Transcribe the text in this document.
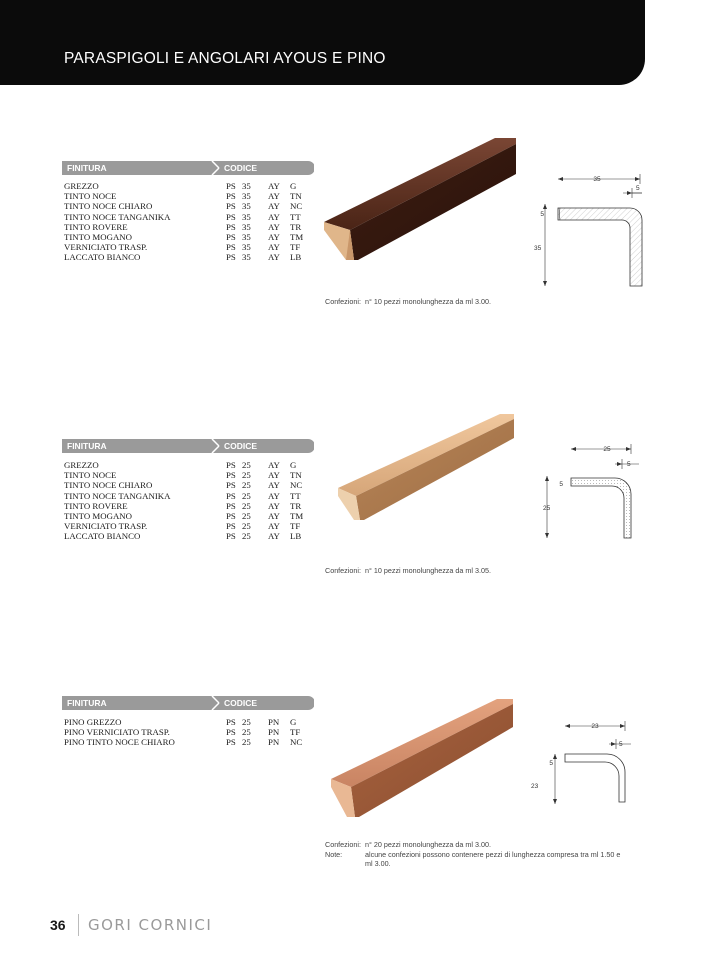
PARASPIGOLI E ANGOLARI AYOUS E PINO
FINITURA	CODICE
GREZZO	PS 35 AY G
TINTO NOCE	PS 35 AY TN
TINTO NOCE CHIARO	PS 35 AY NC
TINTO NOCE TANGANIKA	PS 35 AY TT
TINTO ROVERE	PS 35 AY TR
TINTO MOGANO	PS 35 AY TM
VERNICIATO TRASP.	PS 35 AY TF
LACCATO BIANCO	PS 35 AY LB
35
5
5
35
Confezioni: n° 10 pezzi monolunghezza da ml 3.00.
FINITURA	CODICE
GREZZO	PS 25 AY G
TINTO NOCE	PS 25 AY TN
TINTO NOCE CHIARO	PS 25 AY NC
TINTO NOCE TANGANIKA	PS 25 AY TT
TINTO ROVERE	PS 25 AY TR
TINTO MOGANO	PS 25 AY TM
VERNICIATO TRASP.	PS 25 AY TF
LACCATO BIANCO	PS 25 AY LB
25
5
5
25
Confezioni: n° 10 pezzi monolunghezza da ml 3.05.
FINITURA	CODICE
PINO GREZZO	PS 25 PN G
PINO VERNICIATO TRASP.	PS 25 PN TF
PINO TINTO NOCE CHIARO	PS 25 PN NC
23
5
5
23
Confezioni: n° 20 pezzi monolunghezza da ml 3.00.
Note:	alcune confezioni possono contenere pezzi di lunghezza compresa tra ml 1.50 e
ml 3.00.
36 GORI CORNICI
